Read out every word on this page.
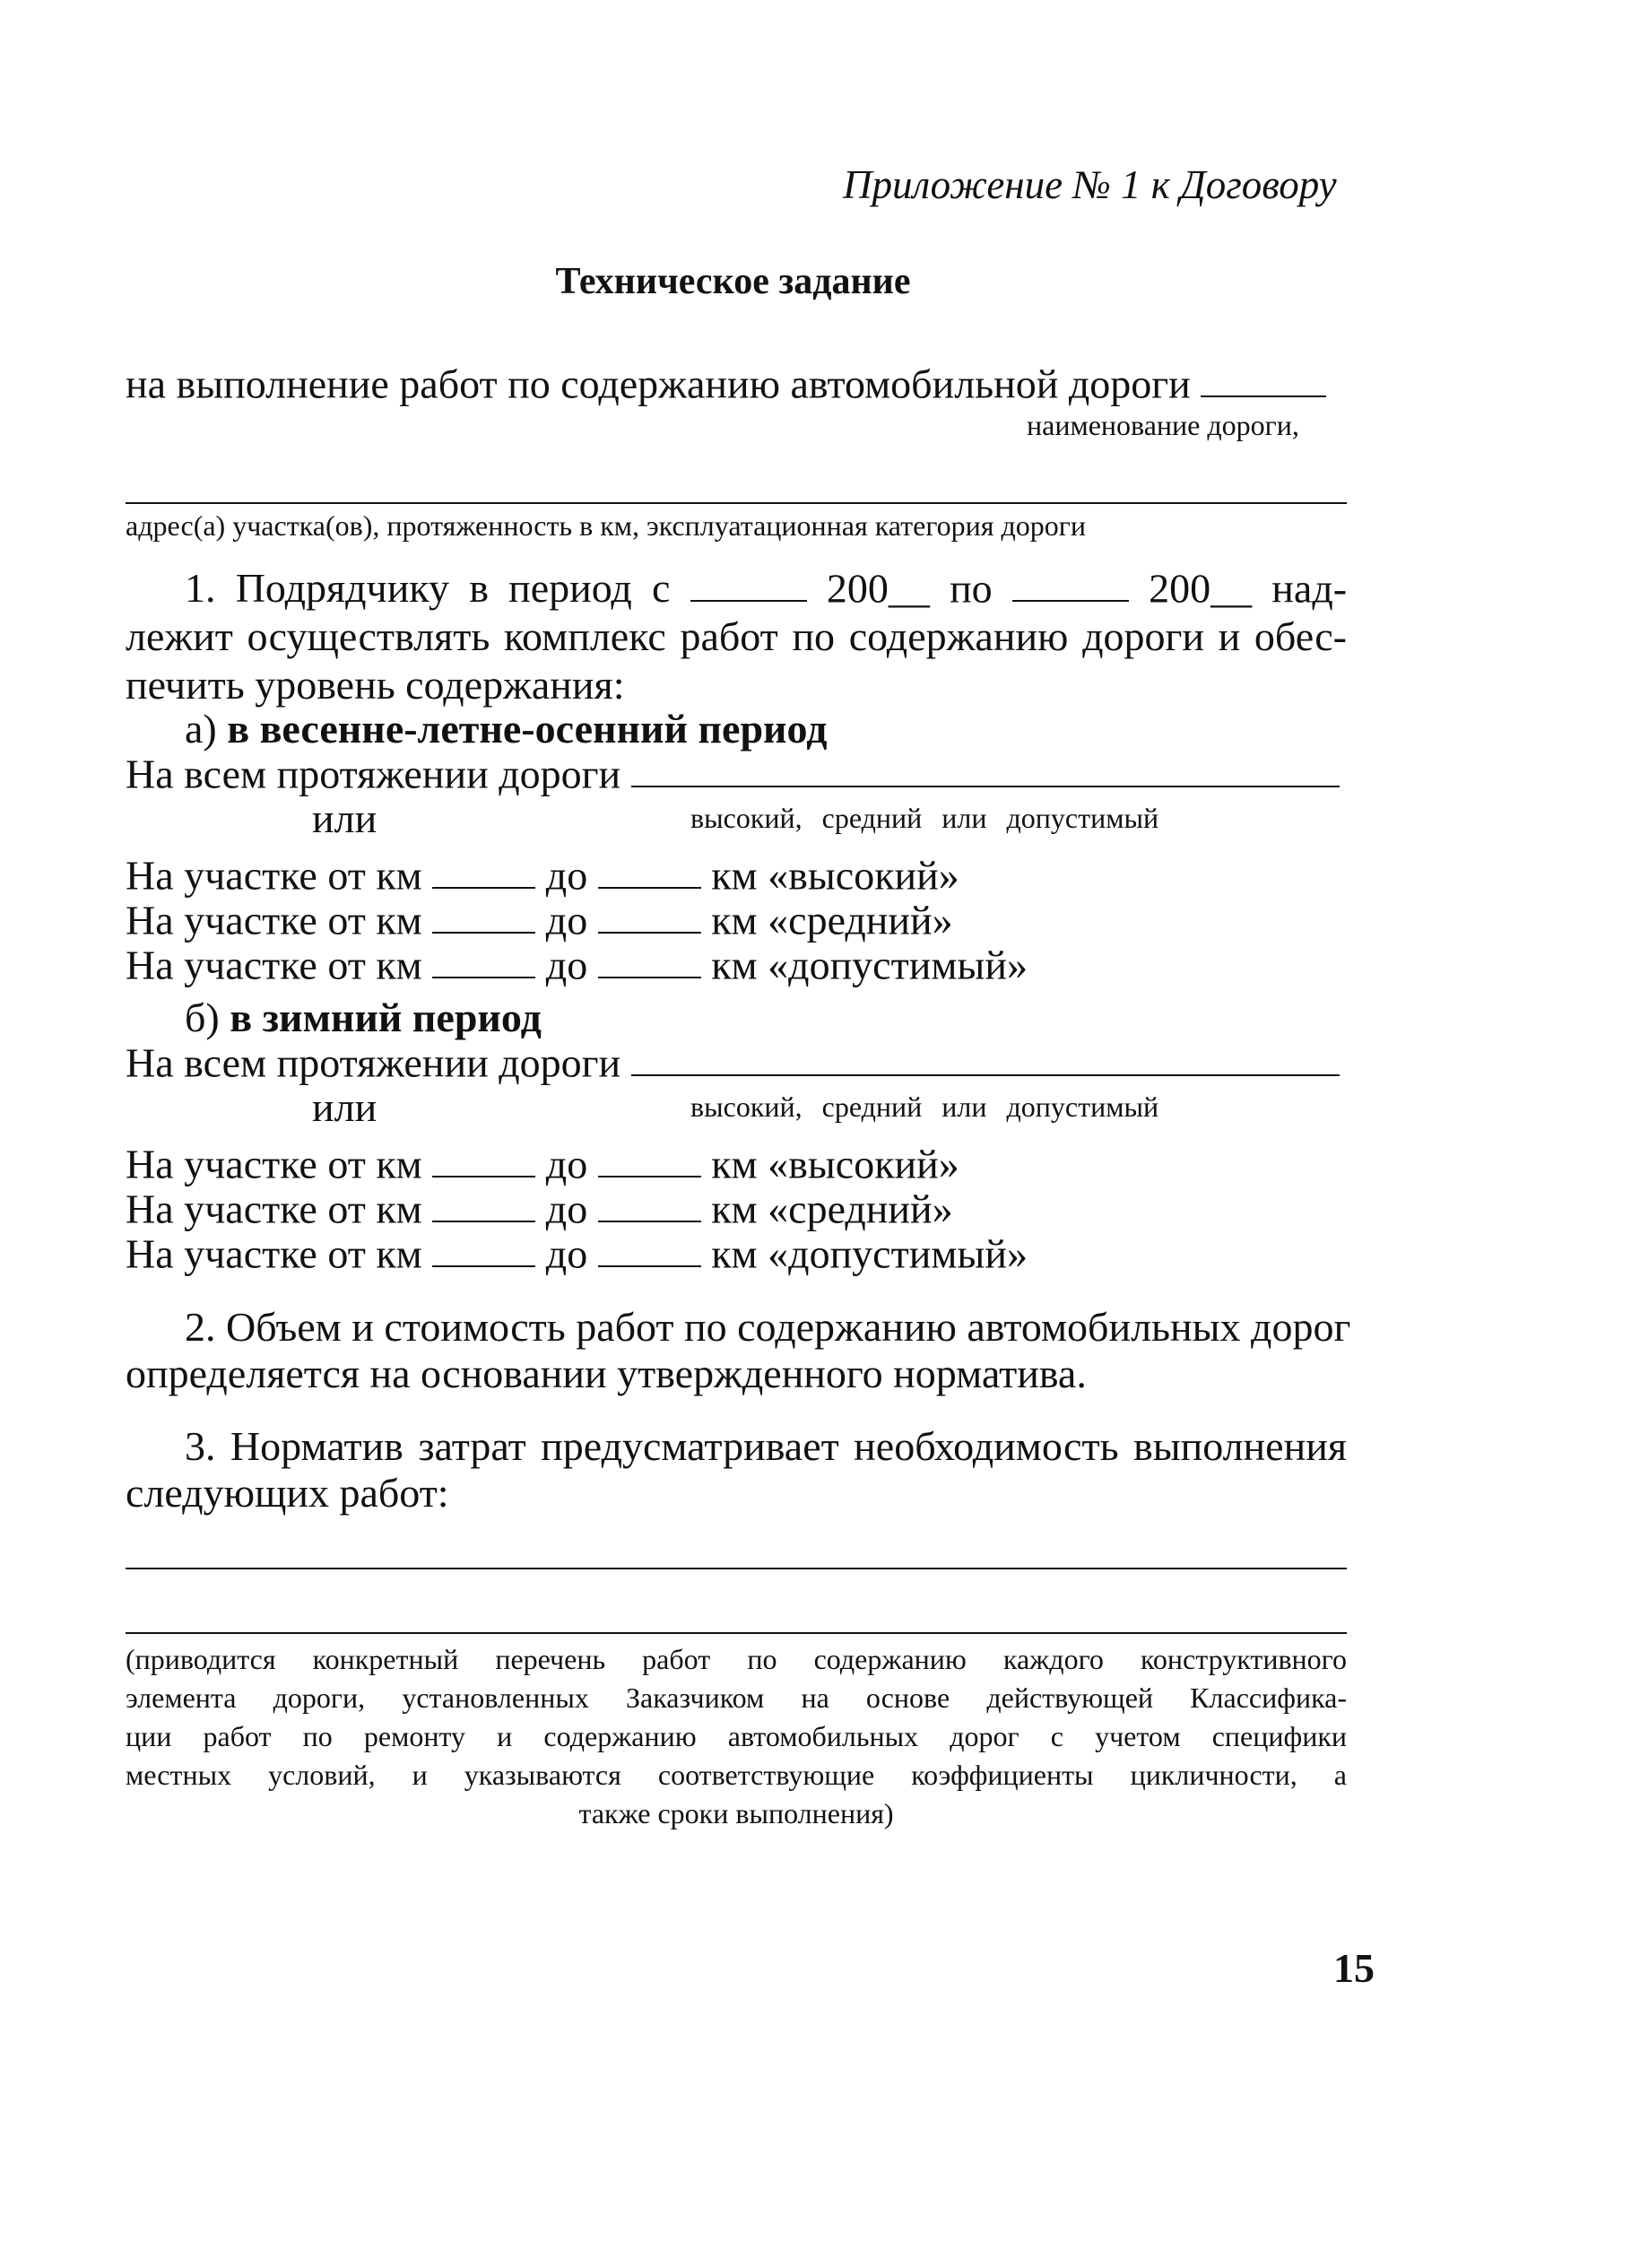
Приложение № 1 к Договору
Техническое задание
на выполнение работ по содержанию автомобильной дороги
наименование дороги,
адрес(а) участка(ов), протяженность в км, эксплуатационная категория дороги
1. Подрядчику в период с	200__ по	200__ над-
лежит осуществлять комплекс работ по содержанию дороги и обес-
печить уровень содержания:
а) в весенне-летне-осенний период
На всем протяжении дороги
или	высокий, средний или допустимый
На участке от км	до	км «высокий»
На участке от км	до	км «средний»
На участке от км	до	км «допустимый»
б) в зимний период
На всем протяжении дороги
или	высокий, средний или допустимый
На участке от км	до	км «высокий»
На участке от км	до	км «средний»
На участке от км	до	км «допустимый»
2. Объем и стоимость работ по содержанию автомобильных дорог
определяется на основании утвержденного норматива.
3. Норматив затрат предусматривает необходимость выполнения
следующих работ:
(приводится конкретный перечень работ по содержанию каждого конструктивного
элемента дороги, установленных Заказчиком на основе действующей Классифика-
ции работ по ремонту и содержанию автомобильных дорог с учетом специфики
местных условий, и указываются соответствующие коэффициенты цикличности, а
также сроки выполнения)
15
